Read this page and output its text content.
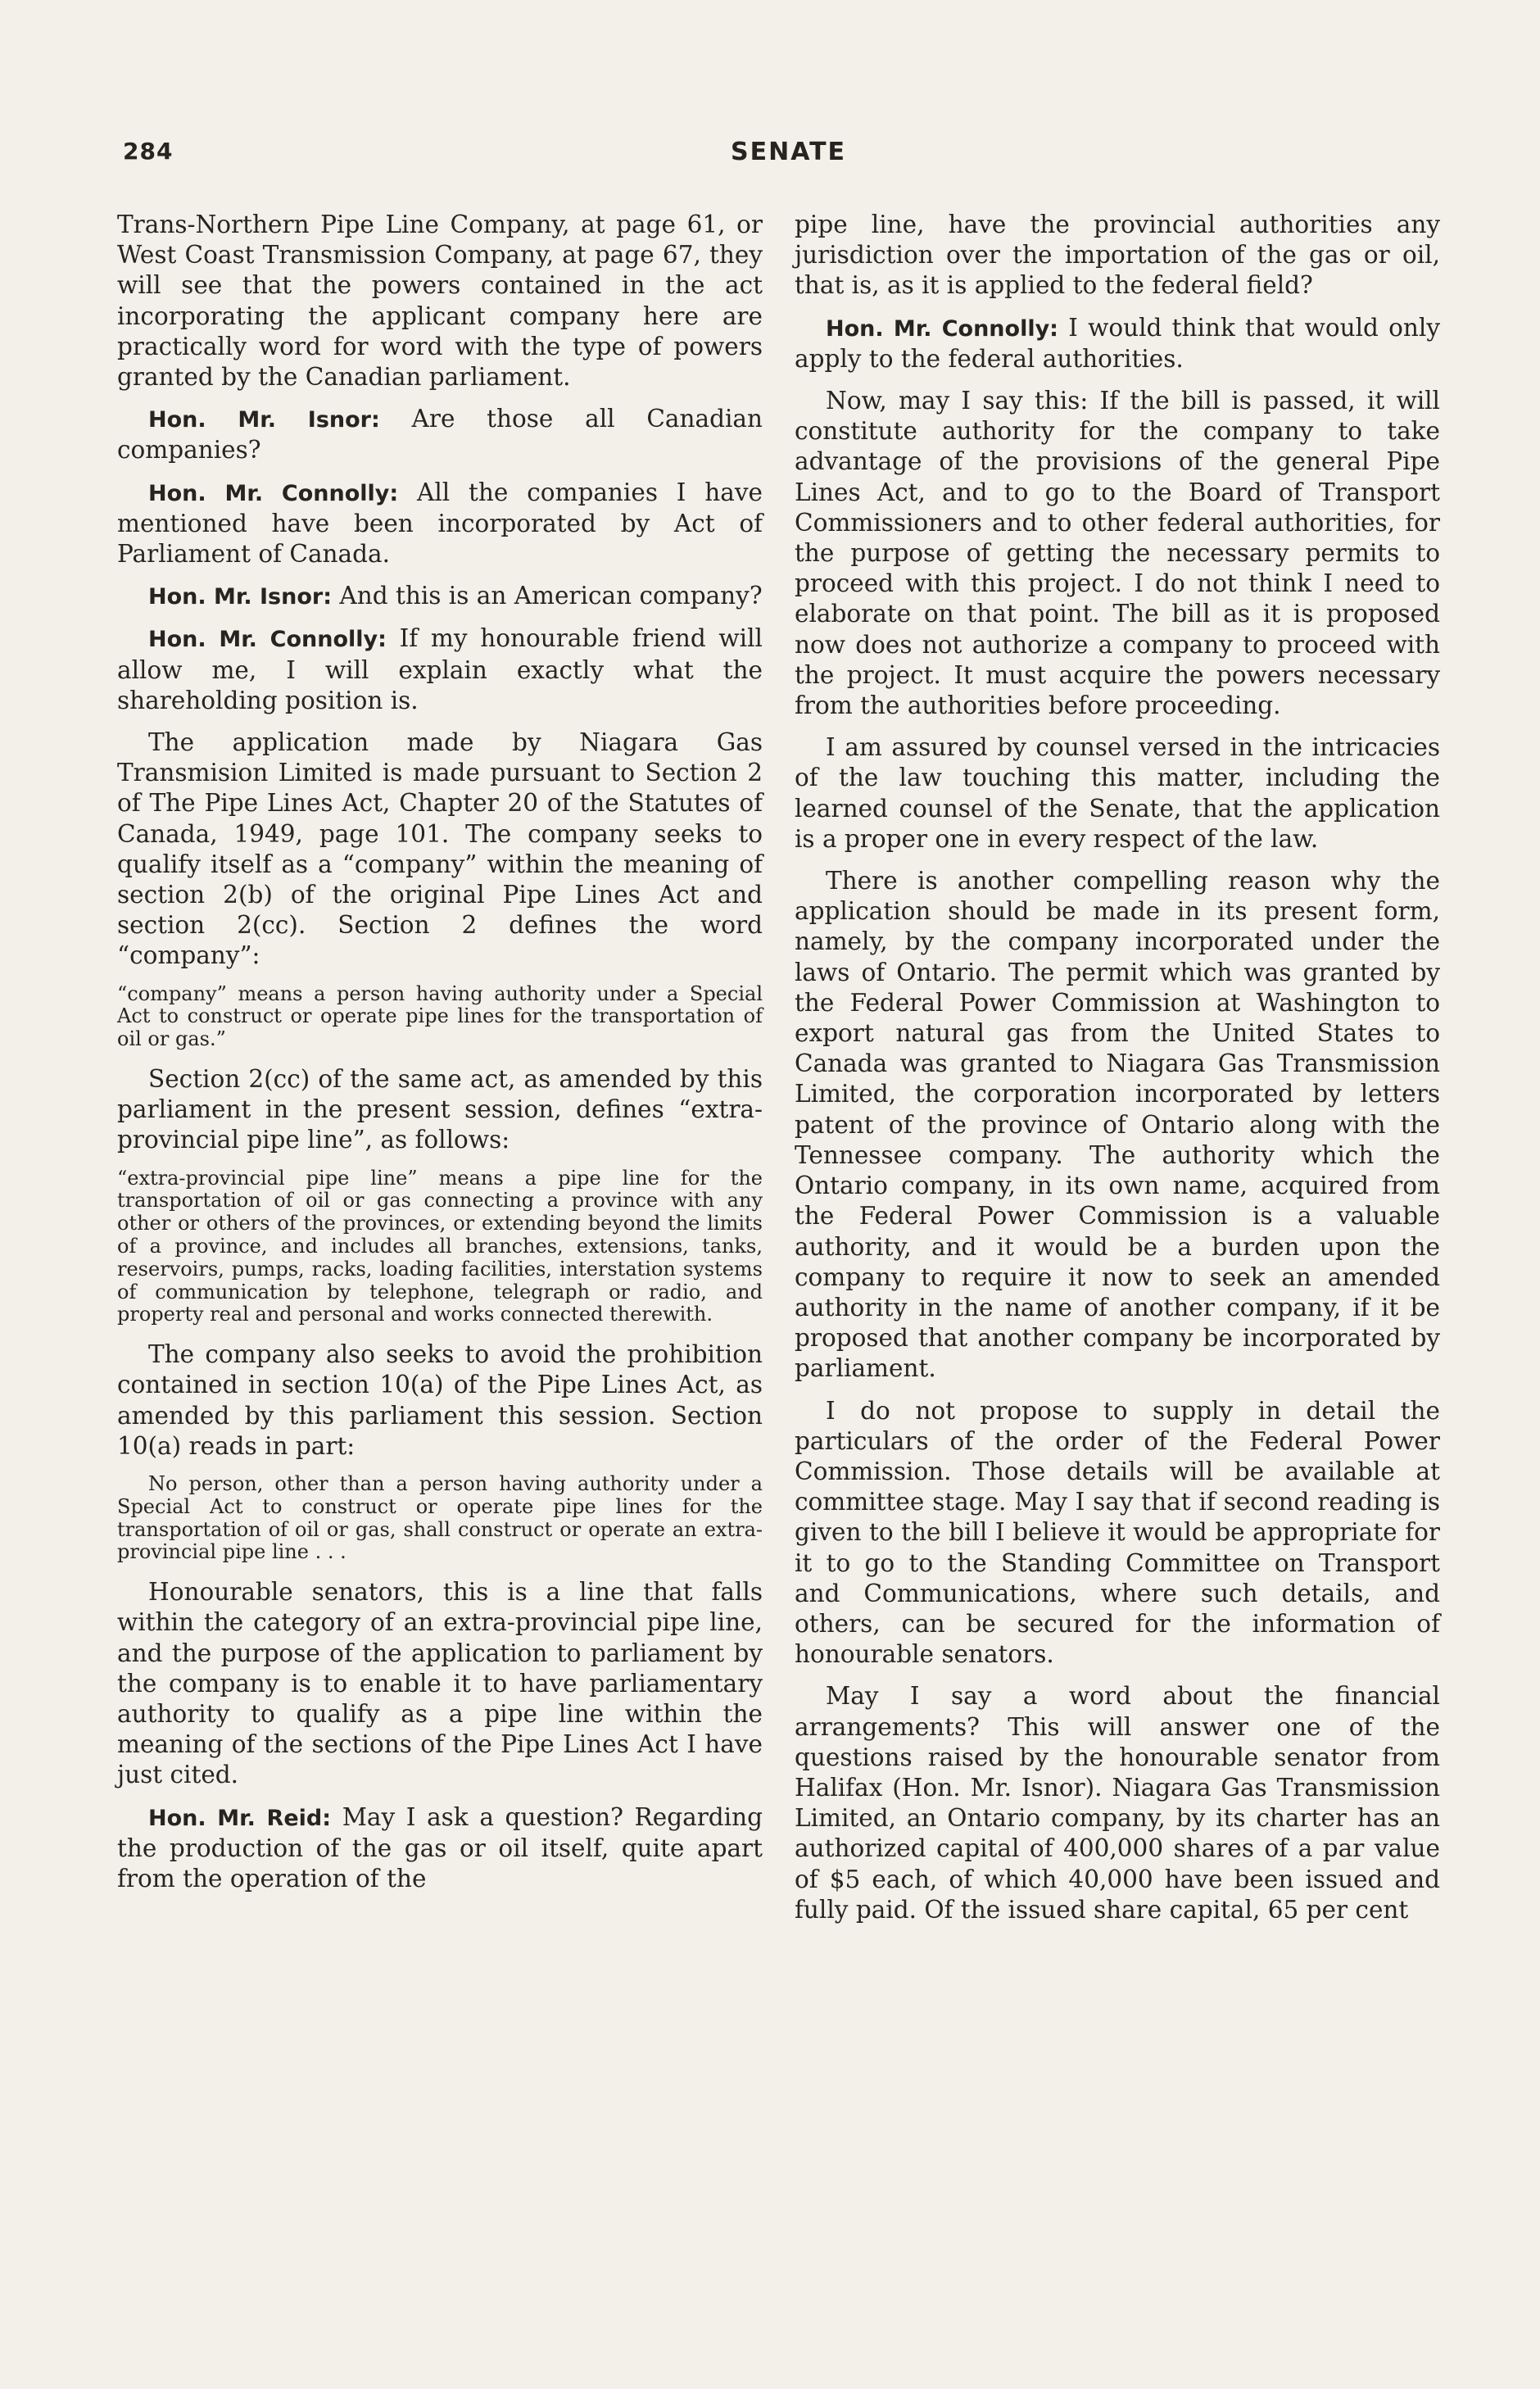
284	SENATE

Trans-Northern Pipe Line Company, at page 61, or West Coast Transmission Company, at page 67, they will see that the powers contained in the act incorporating the applicant company here are practically word for word with the type of powers granted by the Canadian parliament.

Hon. Mr. Isnor: Are those all Canadian companies?

Hon. Mr. Connolly: All the companies I have mentioned have been incorporated by Act of Parliament of Canada.

Hon. Mr. Isnor: And this is an American company?

Hon. Mr. Connolly: If my honourable friend will allow me, I will explain exactly what the shareholding position is.

The application made by Niagara Gas Transmision Limited is made pursuant to Section 2 of The Pipe Lines Act, Chapter 20 of the Statutes of Canada, 1949, page 101. The company seeks to qualify itself as a “company” within the meaning of section 2(b) of the original Pipe Lines Act and section 2(cc). Section 2 defines the word “company”:

“company” means a person having authority under a Special Act to construct or operate pipe lines for the transportation of oil or gas.”

Section 2(cc) of the same act, as amended by this parliament in the present session, defines “extra-provincial pipe line”, as follows:

“extra-provincial pipe line” means a pipe line for the transportation of oil or gas connecting a province with any other or others of the provinces, or extending beyond the limits of a province, and includes all branches, extensions, tanks, reservoirs, pumps, racks, loading facilities, interstation systems of communication by telephone, telegraph or radio, and property real and personal and works connected therewith.

The company also seeks to avoid the prohibition contained in section 10(a) of the Pipe Lines Act, as amended by this parliament this session. Section 10(a) reads in part:

No person, other than a person having authority under a Special Act to construct or operate pipe lines for the transportation of oil or gas, shall construct or operate an extra-provincial pipe line . . .

Honourable senators, this is a line that falls within the category of an extra-provincial pipe line, and the purpose of the application to parliament by the company is to enable it to have parliamentary authority to qualify as a pipe line within the meaning of the sections of the Pipe Lines Act I have just cited.

Hon. Mr. Reid: May I ask a question? Regarding the production of the gas or oil itself, quite apart from the operation of the

pipe line, have the provincial authorities any jurisdiction over the importation of the gas or oil, that is, as it is applied to the federal field?

Hon. Mr. Connolly: I would think that would only apply to the federal authorities.

Now, may I say this: If the bill is passed, it will constitute authority for the company to take advantage of the provisions of the general Pipe Lines Act, and to go to the Board of Transport Commissioners and to other federal authorities, for the purpose of getting the necessary permits to proceed with this project. I do not think I need to elaborate on that point. The bill as it is proposed now does not authorize a company to proceed with the project. It must acquire the powers necessary from the authorities before proceeding.

I am assured by counsel versed in the intricacies of the law touching this matter, including the learned counsel of the Senate, that the application is a proper one in every respect of the law.

There is another compelling reason why the application should be made in its present form, namely, by the company incorporated under the laws of Ontario. The permit which was granted by the Federal Power Commission at Washington to export natural gas from the United States to Canada was granted to Niagara Gas Transmission Limited, the corporation incorporated by letters patent of the province of Ontario along with the Tennessee company. The authority which the Ontario company, in its own name, acquired from the Federal Power Commission is a valuable authority, and it would be a burden upon the company to require it now to seek an amended authority in the name of another company, if it be proposed that another company be incorporated by parliament.

I do not propose to supply in detail the particulars of the order of the Federal Power Commission. Those details will be available at committee stage. May I say that if second reading is given to the bill I believe it would be appropriate for it to go to the Standing Committee on Transport and Communications, where such details, and others, can be secured for the information of honourable senators.

May I say a word about the financial arrangements? This will answer one of the questions raised by the honourable senator from Halifax (Hon. Mr. Isnor). Niagara Gas Transmission Limited, an Ontario company, by its charter has an authorized capital of 400,000 shares of a par value of $5 each, of which 40,000 have been issued and fully paid. Of the issued share capital, 65 per cent
